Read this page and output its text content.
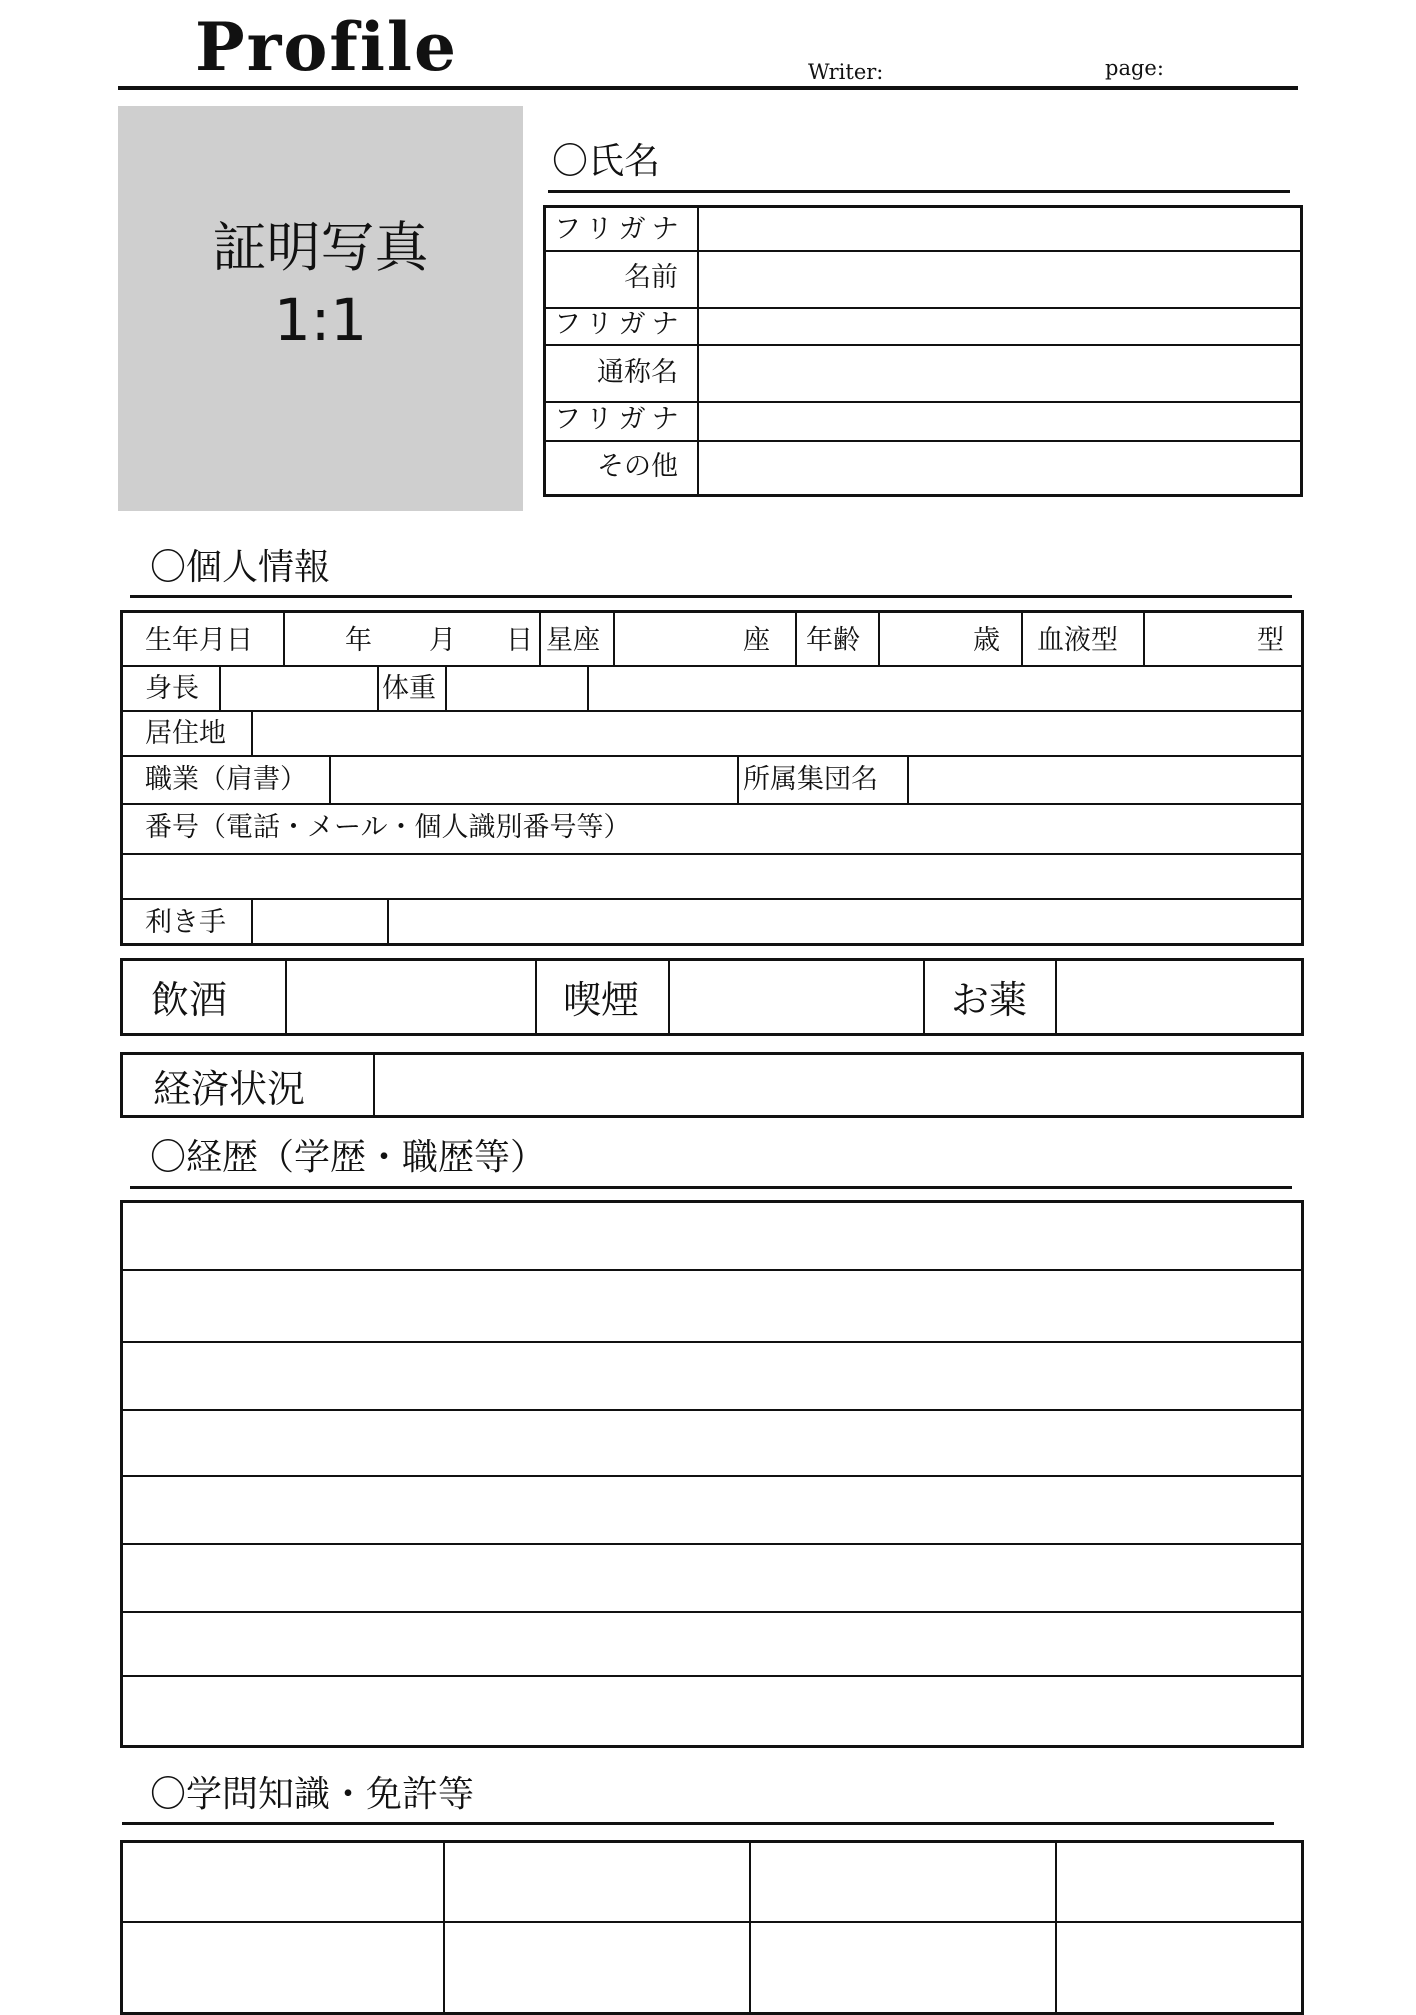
Profile	Writer:	page:
証明写真
1:1
〇氏名
フリガナ
名前
フリガナ
通称名
フリガナ
その他
〇個人情報
生年月日	年 月 日 星座	座 年齢	歳 血液型	型
身長	体重
居住地
職業（肩書）	所属集団名
番号（電話・メール・個人識別番号等）
利き手
飲酒	喫煙	お薬
経済状況
〇経歴（学歴・職歴等）
〇学問知識・免許等
